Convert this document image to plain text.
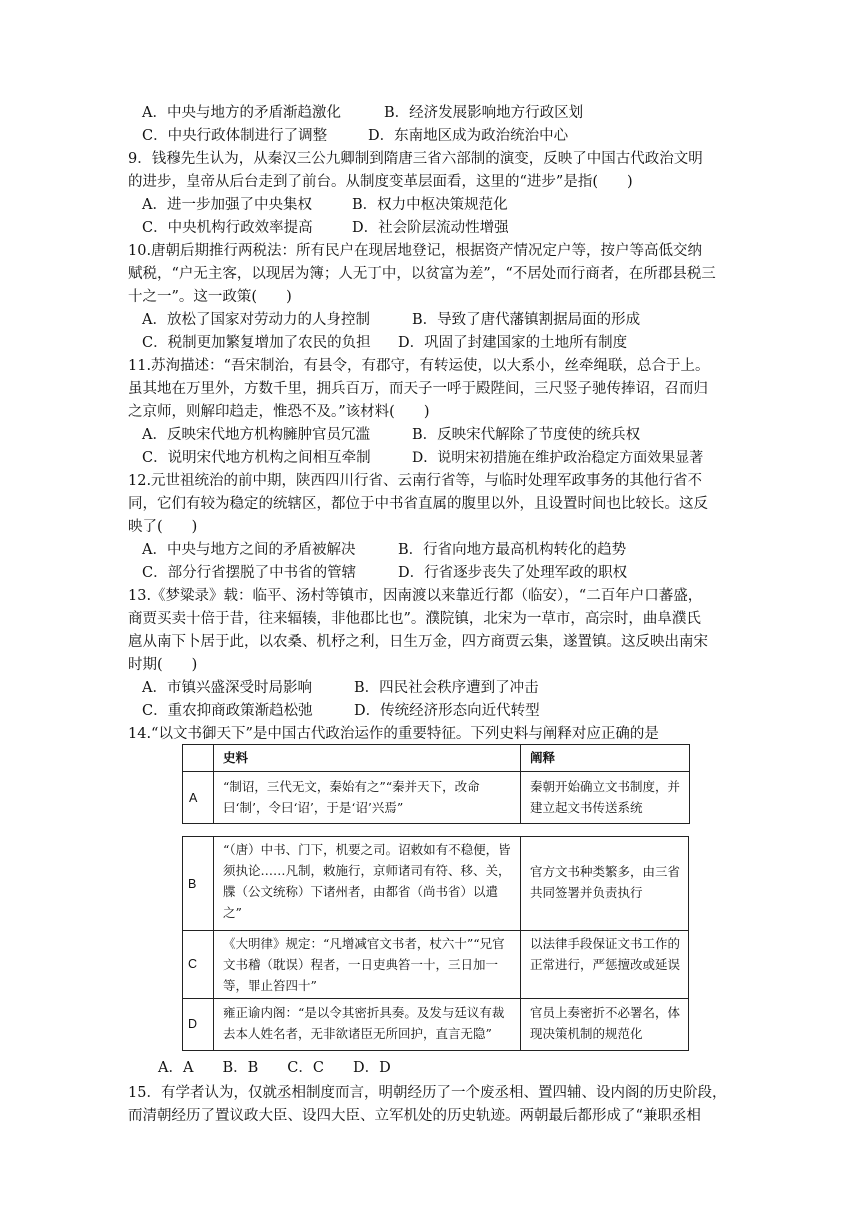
A．中央与地方的矛盾渐趋激化	B．经济发展影响地方行政区划
C．中央行政体制进行了调整	D．东南地区成为政治统治中心
9．钱穆先生认为，从秦汉三公九卿制到隋唐三省六部制的演变，反映了中国古代政治文明
的进步，皇帝从后台走到了前台。从制度变革层面看，这里的“进步”是指(　　)
A．进一步加强了中央集权	B．权力中枢决策规范化
C．中央机构行政效率提高	D．社会阶层流动性增强
10.唐朝后期推行两税法：所有民户在现居地登记，根据资产情况定户等，按户等高低交纳
赋税，“户无主客，以现居为簿；人无丁中，以贫富为差”，“不居处而行商者，在所郡县税三
十之一”。这一政策(　　)
A．放松了国家对劳动力的人身控制	B．导致了唐代藩镇割据局面的形成
C．税制更加繁复增加了农民的负担 D．巩固了封建国家的土地所有制度
11.苏洵描述：“吾宋制治，有县令，有郡守，有转运使，以大系小，丝牵绳联，总合于上。
虽其地在万里外，方数千里，拥兵百万，而天子一呼于殿陛间，三尺竖子驰传捧诏，召而归
之京师，则解印趋走，惟恐不及。”该材料(　　)
A．反映宋代地方机构臃肿官员冗滥	B．反映宋代解除了节度使的统兵权
C．说明宋代地方机构之间相互牵制	D．说明宋初措施在维护政治稳定方面效果显著
12.元世祖统治的前中期，陕西四川行省、云南行省等，与临时处理军政事务的其他行省不
同，它们有较为稳定的统辖区，都位于中书省直属的腹里以外，且设置时间也比较长。这反
映了(　　)
A．中央与地方之间的矛盾被解决	B．行省向地方最高机构转化的趋势
C．部分行省摆脱了中书省的管辖	D．行省逐步丧失了处理军政的职权
13.《梦粱录》载：临平、汤村等镇市，因南渡以来靠近行都（临安），“二百年户口蕃盛，
商贾买卖十倍于昔，往来辐辏，非他郡比也”。濮院镇，北宋为一草市，高宗时，曲阜濮氏
扈从南下卜居于此，以农桑、机杼之利，日生万金，四方商贾云集，遂置镇。这反映出南宋
时期(　　)
A．市镇兴盛深受时局影响	B．四民社会秩序遭到了冲击
C．重农抑商政策渐趋松弛	D．传统经济形态向近代转型
14.“以文书御天下”是中国古代政治运作的重要特征。下列史料与阐释对应正确的是
史料	阐释
A
“制诏，三代无文，秦始有之”“秦并天下，改命曰‘制’，令曰‘诏’，于是‘诏’兴焉”
秦朝开始确立文书制度，并建立起文书传送系统
B
“（唐）中书、门下，机要之司。诏敕如有不稳便，皆须执论……凡制，敕施行，京师诸司有符、移、关，牒（公文统称）下诸州者，由都省（尚书省）以遣之”
官方文书种类繁多，由三省共同签署并负责执行
C
《大明律》规定：“凡增减官文书者，杖六十”“兄官文书稽（耽误）程者，一日吏典笞一十，三日加一等，罪止笞四十”
以法律手段保证文书工作的正常进行，严惩擅改或延误
D
雍正谕内阁：“是以令其密折具奏。及发与廷议有裁去本人姓名者，无非欲诸臣无所回护，直言无隐”
官员上奏密折不必署名，体现决策机制的规范化
A．A　　B．B　　C．C　　D．D
15．有学者认为，仅就丞相制度而言，明朝经历了一个废丞相、置四辅、设内阁的历史阶段，
而清朝经历了置议政大臣、设四大臣、立军机处的历史轨迹。两朝最后都形成了“兼职丞相
